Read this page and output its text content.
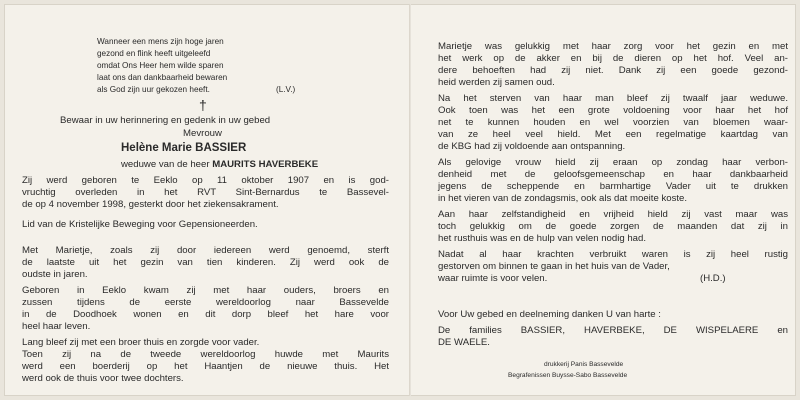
Wanneer een mens zijn hoge jaren
gezond en flink heeft uitgeleefd
omdat Ons Heer hem wilde sparen
laat ons dan dankbaarheid bewaren
als God zijn uur gekozen heeft.	(L.V.)
†
Bewaar in uw herinnering en gedenk in uw gebed
Mevrouw
Helène Marie BASSIER
weduwe van de heer MAURITS HAVERBEKE
Zij werd geboren te Eeklo op 11 oktober 1907 en is god-
vruchtig overleden in het RVT Sint-Bernardus te Bassevel-
de op 4 november 1998, gesterkt door het ziekensakrament.
Lid van de Kristelijke Beweging voor Gepensioneerden.
Met Marietje, zoals zij door iedereen werd genoemd, sterft
de laatste uit het gezin van tien kinderen. Zij werd ook de
oudste in jaren.
Geboren in Eeklo kwam zij met haar ouders, broers en
zussen tijdens de eerste wereldoorlog naar Bassevelde
in de Doodhoek wonen en dit dorp bleef het hare voor
heel haar leven.
Lang bleef zij met een broer thuis en zorgde voor vader.
Toen zij na de tweede wereldoorlog huwde met Maurits
werd een boerderij op het Haantjen de nieuwe thuis. Het
werd ook de thuis voor twee dochters.
Marietje was gelukkig met haar zorg voor het gezin en met
het werk op de akker en bij de dieren op het hof. Veel an-
dere behoeften had zij niet. Dank zij een goede gezond-
heid werden zij samen oud.
Na het sterven van haar man bleef zij twaalf jaar weduwe.
Ook toen was het een grote voldoening voor haar het hof
net te kunnen houden en wel voorzien van bloemen waar-
van ze heel veel hield. Met een regelmatige kaartdag van
de KBG had zij voldoende aan ontspanning.
Als gelovige vrouw hield zij eraan op zondag haar verbon-
denheid met de geloofsgemeenschap en haar dankbaarheid
jegens de scheppende en barmhartige Vader uit te drukken
in het vieren van de zondagsmis, ook als dat moeite koste.
Aan haar zelfstandigheid en vrijheid hield zij vast maar was
toch gelukkig om de goede zorgen de maanden dat zij in
het rusthuis was en de hulp van velen nodig had.
Nadat al haar krachten verbruikt waren is zij heel rustig
gestorven om binnen te gaan in het huis van de Vader,
waar ruimte is voor velen.	(H.D.)
Voor Uw gebed en deelneming danken U van harte :
De families BASSIER, HAVERBEKE, DE WISPELAERE en
DE WAELE.
drukkerij Panis Bassevelde
Begrafenissen Buysse-Sabo Bassevelde
